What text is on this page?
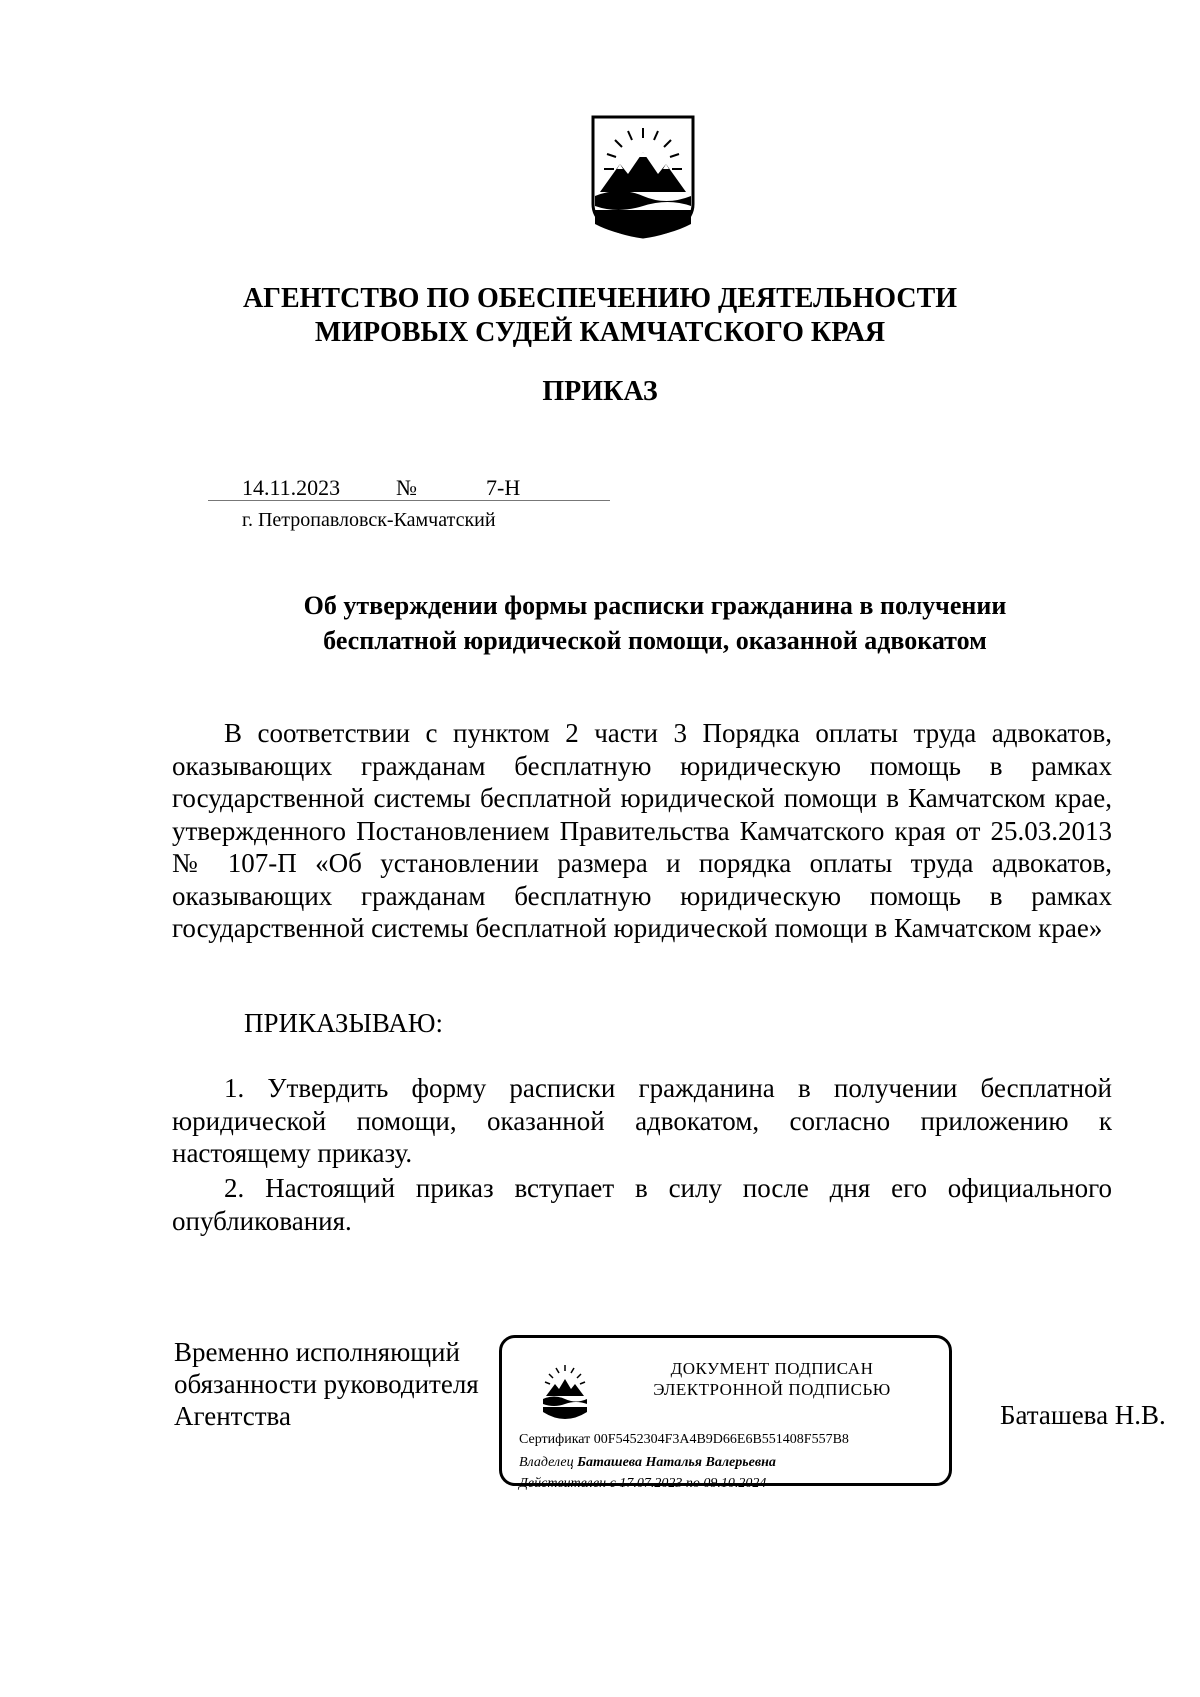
АГЕНТСТВО ПО ОБЕСПЕЧЕНИЮ ДЕЯТЕЛЬНОСТИ
МИРОВЫХ СУДЕЙ КАМЧАТСКОГО КРАЯ
ПРИКАЗ
14.11.2023	№	7-Н
г. Петропавловск-Камчатский
Об утверждении формы расписки гражданина в получении
бесплатной юридической помощи, оказанной адвокатом

В соответствии с пунктом 2 части 3 Порядка оплаты труда адвокатов, оказывающих гражданам бесплатную юридическую помощь в рамках государственной системы бесплатной юридической помощи в Камчатском крае, утвержденного Постановлением Правительства Камчатского края от 25.03.2013 № 107-П «Об установлении размера и порядка оплаты труда адвокатов, оказывающих гражданам бесплатную юридическую помощь в рамках государственной системы бесплатной юридической помощи в Камчатском крае»

ПРИКАЗЫВАЮ:

1. Утвердить форму расписки гражданина в получении бесплатной юридической помощи, оказанной адвокатом, согласно приложению к настоящему приказу.

2. Настоящий приказ вступает в силу после дня его официального опубликования.

Временно исполняющий
обязанности руководителя
Агентства
ДОКУМЕНТ ПОДПИСАН
ЭЛЕКТРОННОЙ ПОДПИСЬЮ
Сертификат 00F5452304F3A4B9D66E6B551408F557B8
Владелец Баташева Наталья Валерьевна
Действителен с 17.07.2023 по 09.10.2024
Баташева Н.В.
